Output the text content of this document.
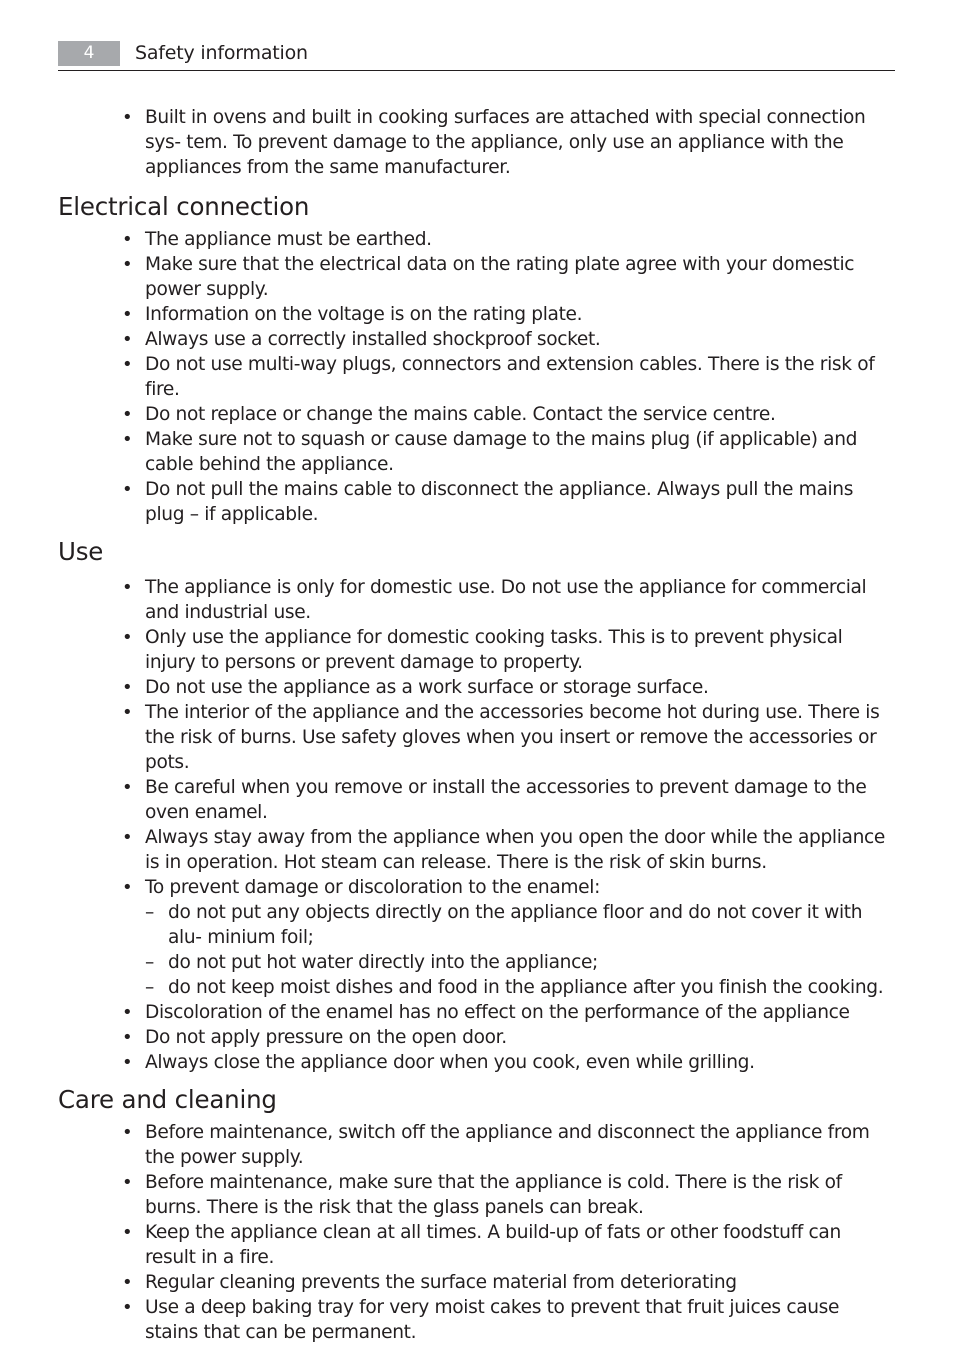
4	Safety information
• Built in ovens and built in cooking surfaces are attached with special connection sys- tem. To prevent damage to the appliance, only use an appliance with the appliances from the same manufacturer.
Electrical connection
• The appliance must be earthed.
• Make sure that the electrical data on the rating plate agree with your domestic power supply.
• Information on the voltage is on the rating plate.
• Always use a correctly installed shockproof socket.
• Do not use multi-way plugs, connectors and extension cables. There is the risk of fire.
• Do not replace or change the mains cable. Contact the service centre.
• Make sure not to squash or cause damage to the mains plug (if applicable) and cable behind the appliance.
• Do not pull the mains cable to disconnect the appliance. Always pull the mains plug – if applicable.
Use
• The appliance is only for domestic use. Do not use the appliance for commercial and industrial use.
• Only use the appliance for domestic cooking tasks. This is to prevent physical injury to persons or prevent damage to property.
• Do not use the appliance as a work surface or storage surface.
• The interior of the appliance and the accessories become hot during use. There is the risk of burns. Use safety gloves when you insert or remove the accessories or pots.
• Be careful when you remove or install the accessories to prevent damage to the oven enamel.
• Always stay away from the appliance when you open the door while the appliance is in operation. Hot steam can release. There is the risk of skin burns.
• To prevent damage or discoloration to the enamel:
– do not put any objects directly on the appliance floor and do not cover it with alu- minium foil;
– do not put hot water directly into the appliance;
– do not keep moist dishes and food in the appliance after you finish the cooking.
• Discoloration of the enamel has no effect on the performance of the appliance
• Do not apply pressure on the open door.
• Always close the appliance door when you cook, even while grilling.
Care and cleaning
• Before maintenance, switch off the appliance and disconnect the appliance from the power supply.
• Before maintenance, make sure that the appliance is cold. There is the risk of burns. There is the risk that the glass panels can break.
• Keep the appliance clean at all times. A build-up of fats or other foodstuff can result in a fire.
• Regular cleaning prevents the surface material from deteriorating
• Use a deep baking tray for very moist cakes to prevent that fruit juices cause stains that can be permanent.
